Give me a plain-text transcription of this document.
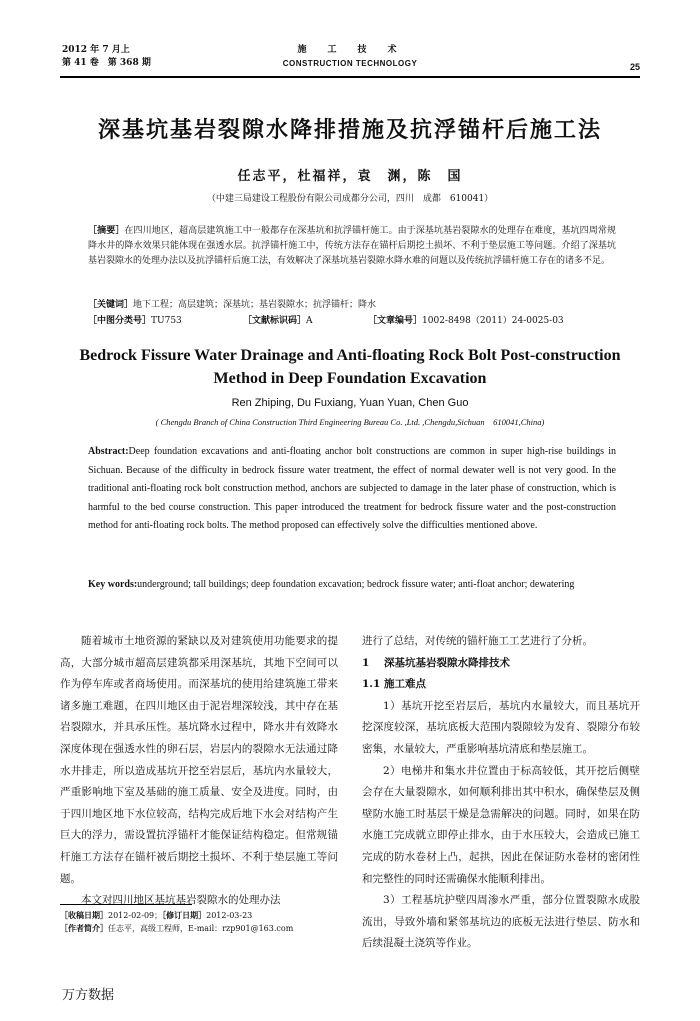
2012 年 7 月上
第 41 卷　第 368 期
施　工　技　术
CONSTRUCTION TECHNOLOGY	25
深基坑基岩裂隙水降排措施及抗浮锚杆后施工法
任志平，杜福祥，袁　渊，陈　国
（中建三局建设工程股份有限公司成都分公司，四川　成都　610041）
［摘要］在四川地区，超高层建筑施工中一般都存在深基坑和抗浮锚杆施工。由于深基坑基岩裂隙水的处理存在难度，基坑四周常规降水井的降水效果只能体现在强透水层。抗浮锚杆施工中，传统方法存在锚杆后期挖土损坏、不利于垫层施工等问题。介绍了深基坑基岩裂隙水的处理办法以及抗浮锚杆后施工法，有效解决了深基坑基岩裂隙水降水难的问题以及传统抗浮锚杆施工存在的诸多不足。
［关键词］地下工程；高层建筑；深基坑；基岩裂隙水；抗浮锚杆；降水
［中图分类号］TU753	［文献标识码］A	［文章编号］1002-8498（2011）24-0025-03
Bedrock Fissure Water Drainage and Anti-floating Rock Bolt Post-construction Method in Deep Foundation Excavation
Ren Zhiping, Du Fuxiang, Yuan Yuan, Chen Guo
( Chengdu Branch of China Construction Third Engineering Bureau Co. ,Ltd. ,Chengdu,Sichuan　610041,China)
Abstract:Deep foundation excavations and anti-floating anchor bolt constructions are common in super high-rise buildings in Sichuan. Because of the difficulty in bedrock fissure water treatment, the effect of normal dewater well is not very good. In the traditional anti-floating rock bolt construction method, anchors are subjected to damage in the later phase of construction, which is harmful to the bed course construction. This paper introduced the treatment for bedrock fissure water and the post-construction method for anti-floating rock bolts. The method proposed can effectively solve the difficulties mentioned above.
Key words:underground; tall buildings; deep foundation excavation; bedrock fissure water; anti-float anchor; dewatering

随着城市土地资源的紧缺以及对建筑使用功能要求的提高，大部分城市超高层建筑都采用深基坑，其地下空间可以作为停车库或者商场使用。而深基坑的使用给建筑施工带来诸多施工难题，在四川地区由于泥岩埋深较浅，其中存在基岩裂隙水，并具承压性。基坑降水过程中，降水井有效降水深度体现在强透水性的卵石层，岩层内的裂隙水无法通过降水井排走，所以造成基坑开挖至岩层后，基坑内水量较大，严重影响地下室及基础的施工质量、安全及进度。同时，由于四川地区地下水位较高，结构完成后地下水会对结构产生巨大的浮力，需设置抗浮锚杆才能保证结构稳定。但常规锚杆施工方法存在锚杆被后期挖土损坏、不利于垫层施工等问题。

本文对四川地区基坑基岩裂隙水的处理办法

进行了总结，对传统的锚杆施工工艺进行了分析。

1 深基坑基岩裂隙水降排技术

1.1 施工难点

1）基坑开挖至岩层后，基坑内水量较大，而且基坑开挖深度较深，基坑底板大范围内裂隙较为发育、裂隙分布较密集，水量较大，严重影响基坑清底和垫层施工。

2）电梯井和集水井位置由于标高较低，其开挖后侧壁会存在大量裂隙水，如何顺利排出其中积水，确保垫层及侧壁防水施工时基层干燥是急需解决的问题。同时，如果在防水施工完成就立即停止排水，由于水压较大，会造成已施工完成的防水卷材上凸，起拱，因此在保证防水卷材的密闭性和完整性的同时还需确保水能顺利排出。

3）工程基坑护壁四周渗水严重，部分位置裂隙水成股流出，导致外墙和紧邻基坑边的底板无法进行垫层、防水和后续混凝土浇筑等作业。

［收稿日期］2012-02-09；［修订日期］2012-03-23
［作者简介］任志平，高级工程师，E-mail：rzp901@163.com
万方数据
